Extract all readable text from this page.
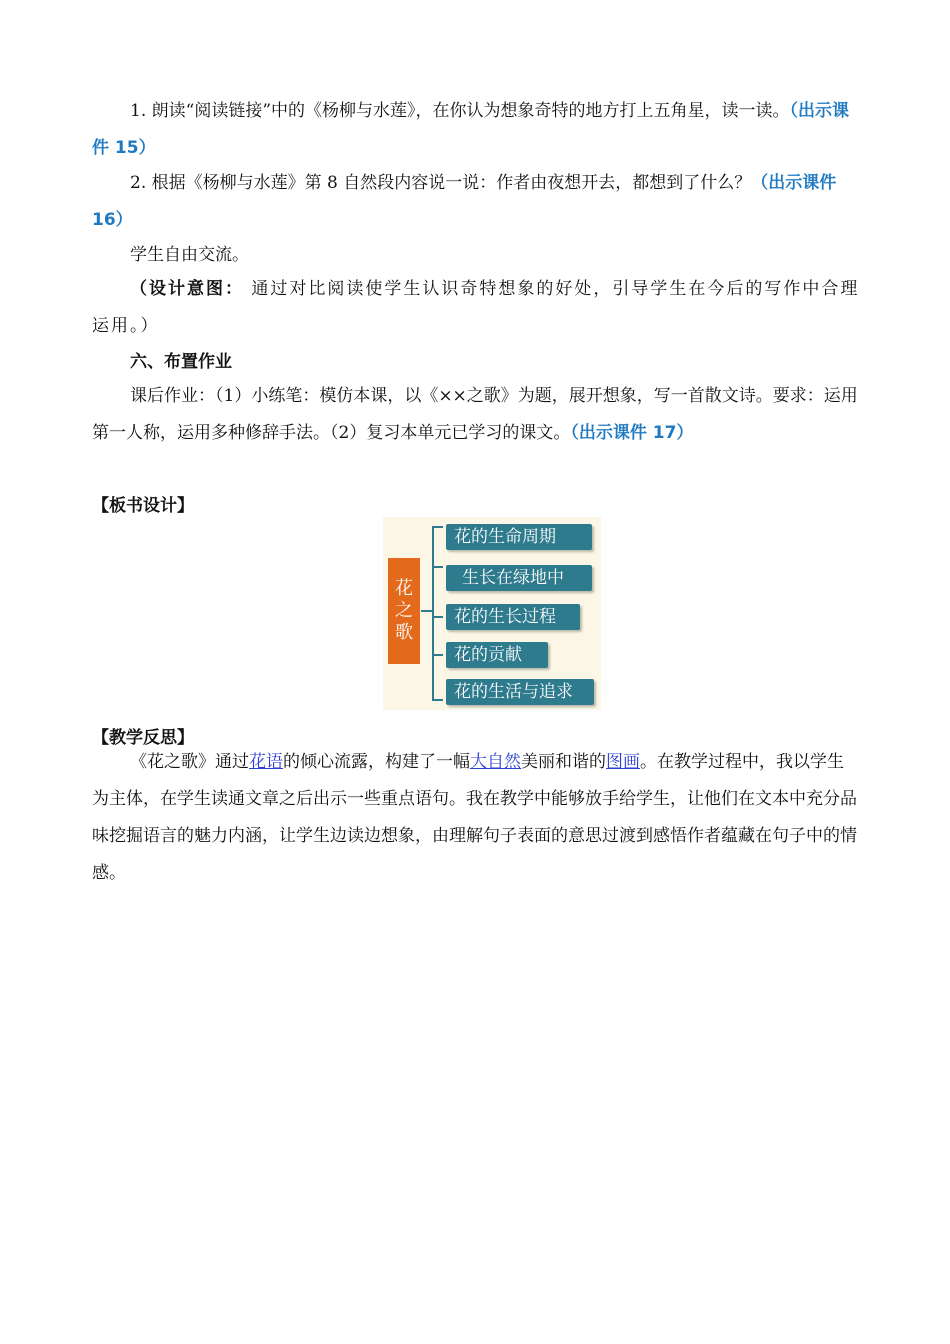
1. 朗读“阅读链接”中的《杨柳与水莲》，在你认为想象奇特的地方打上五角星，读一读。（出示课件 15）

2. 根据《杨柳与水莲》第 8 自然段内容说一说：作者由夜想开去，都想到了什么？（出示课件 16）

学生自由交流。

（设计意图： 通过对比阅读使学生认识奇特想象的好处，引导学生在今后的写作中合理运用。）

六、布置作业

课后作业：（1）小练笔：模仿本课，以《××之歌》为题，展开想象，写一首散文诗。要求：运用第一人称，运用多种修辞手法。（2）复习本单元已学习的课文。（出示课件 17）

【板书设计】
花
之
歌
花的生命周期
生长在绿地中
花的生长过程
花的贡献
花的生活与追求
【教学反思】

《花之歌》通过花语的倾心流露，构建了一幅大自然美丽和谐的图画。在教学过程中，我以学生为主体，在学生读通文章之后出示一些重点语句。我在教学中能够放手给学生，让他们在文本中充分品味挖掘语言的魅力内涵，让学生边读边想象，由理解句子表面的意思过渡到感悟作者蕴藏在句子中的情感。
